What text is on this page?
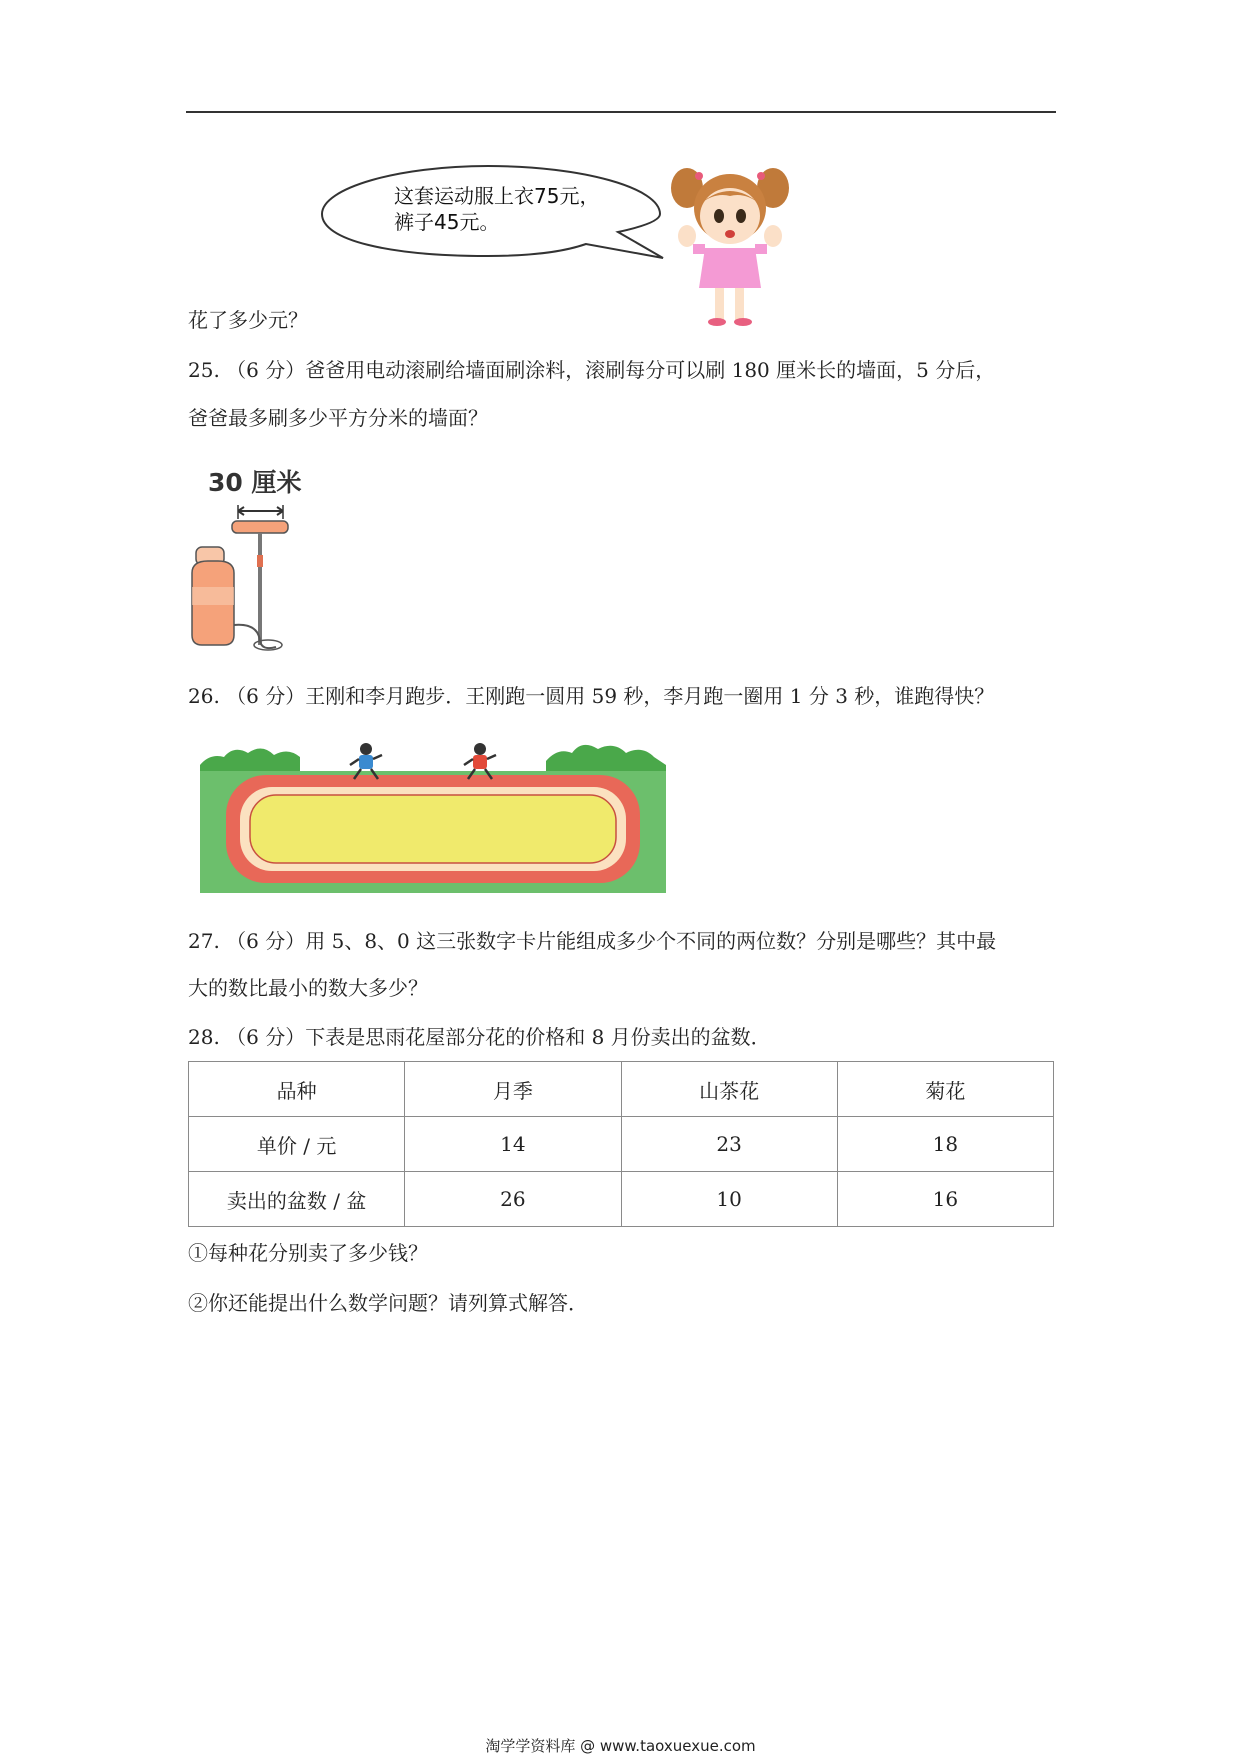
这套运动服上衣75元，
裤子45元。
花了多少元？
25. （6 分）爸爸用电动滚刷给墙面刷涂料，滚刷每分可以刷 180 厘米长的墙面，5 分后，
爸爸最多刷多少平方分米的墙面？
30 厘米
26. （6 分）王刚和李月跑步．王刚跑一圆用 59 秒，李月跑一圈用 1 分 3 秒，谁跑得快？
27. （6 分）用 5、8、0 这三张数字卡片能组成多少个不同的两位数？分别是哪些？其中最
大的数比最小的数大多少？
28. （6 分）下表是思雨花屋部分花的价格和 8 月份卖出的盆数．
品种	月季	山茶花	菊花
单价 / 元	14	23	18
卖出的盆数 / 盆	26	10	16
①每种花分别卖了多少钱？
②你还能提出什么数学问题？请列算式解答．
淘学学资料库 @ www.taoxuexue.com
